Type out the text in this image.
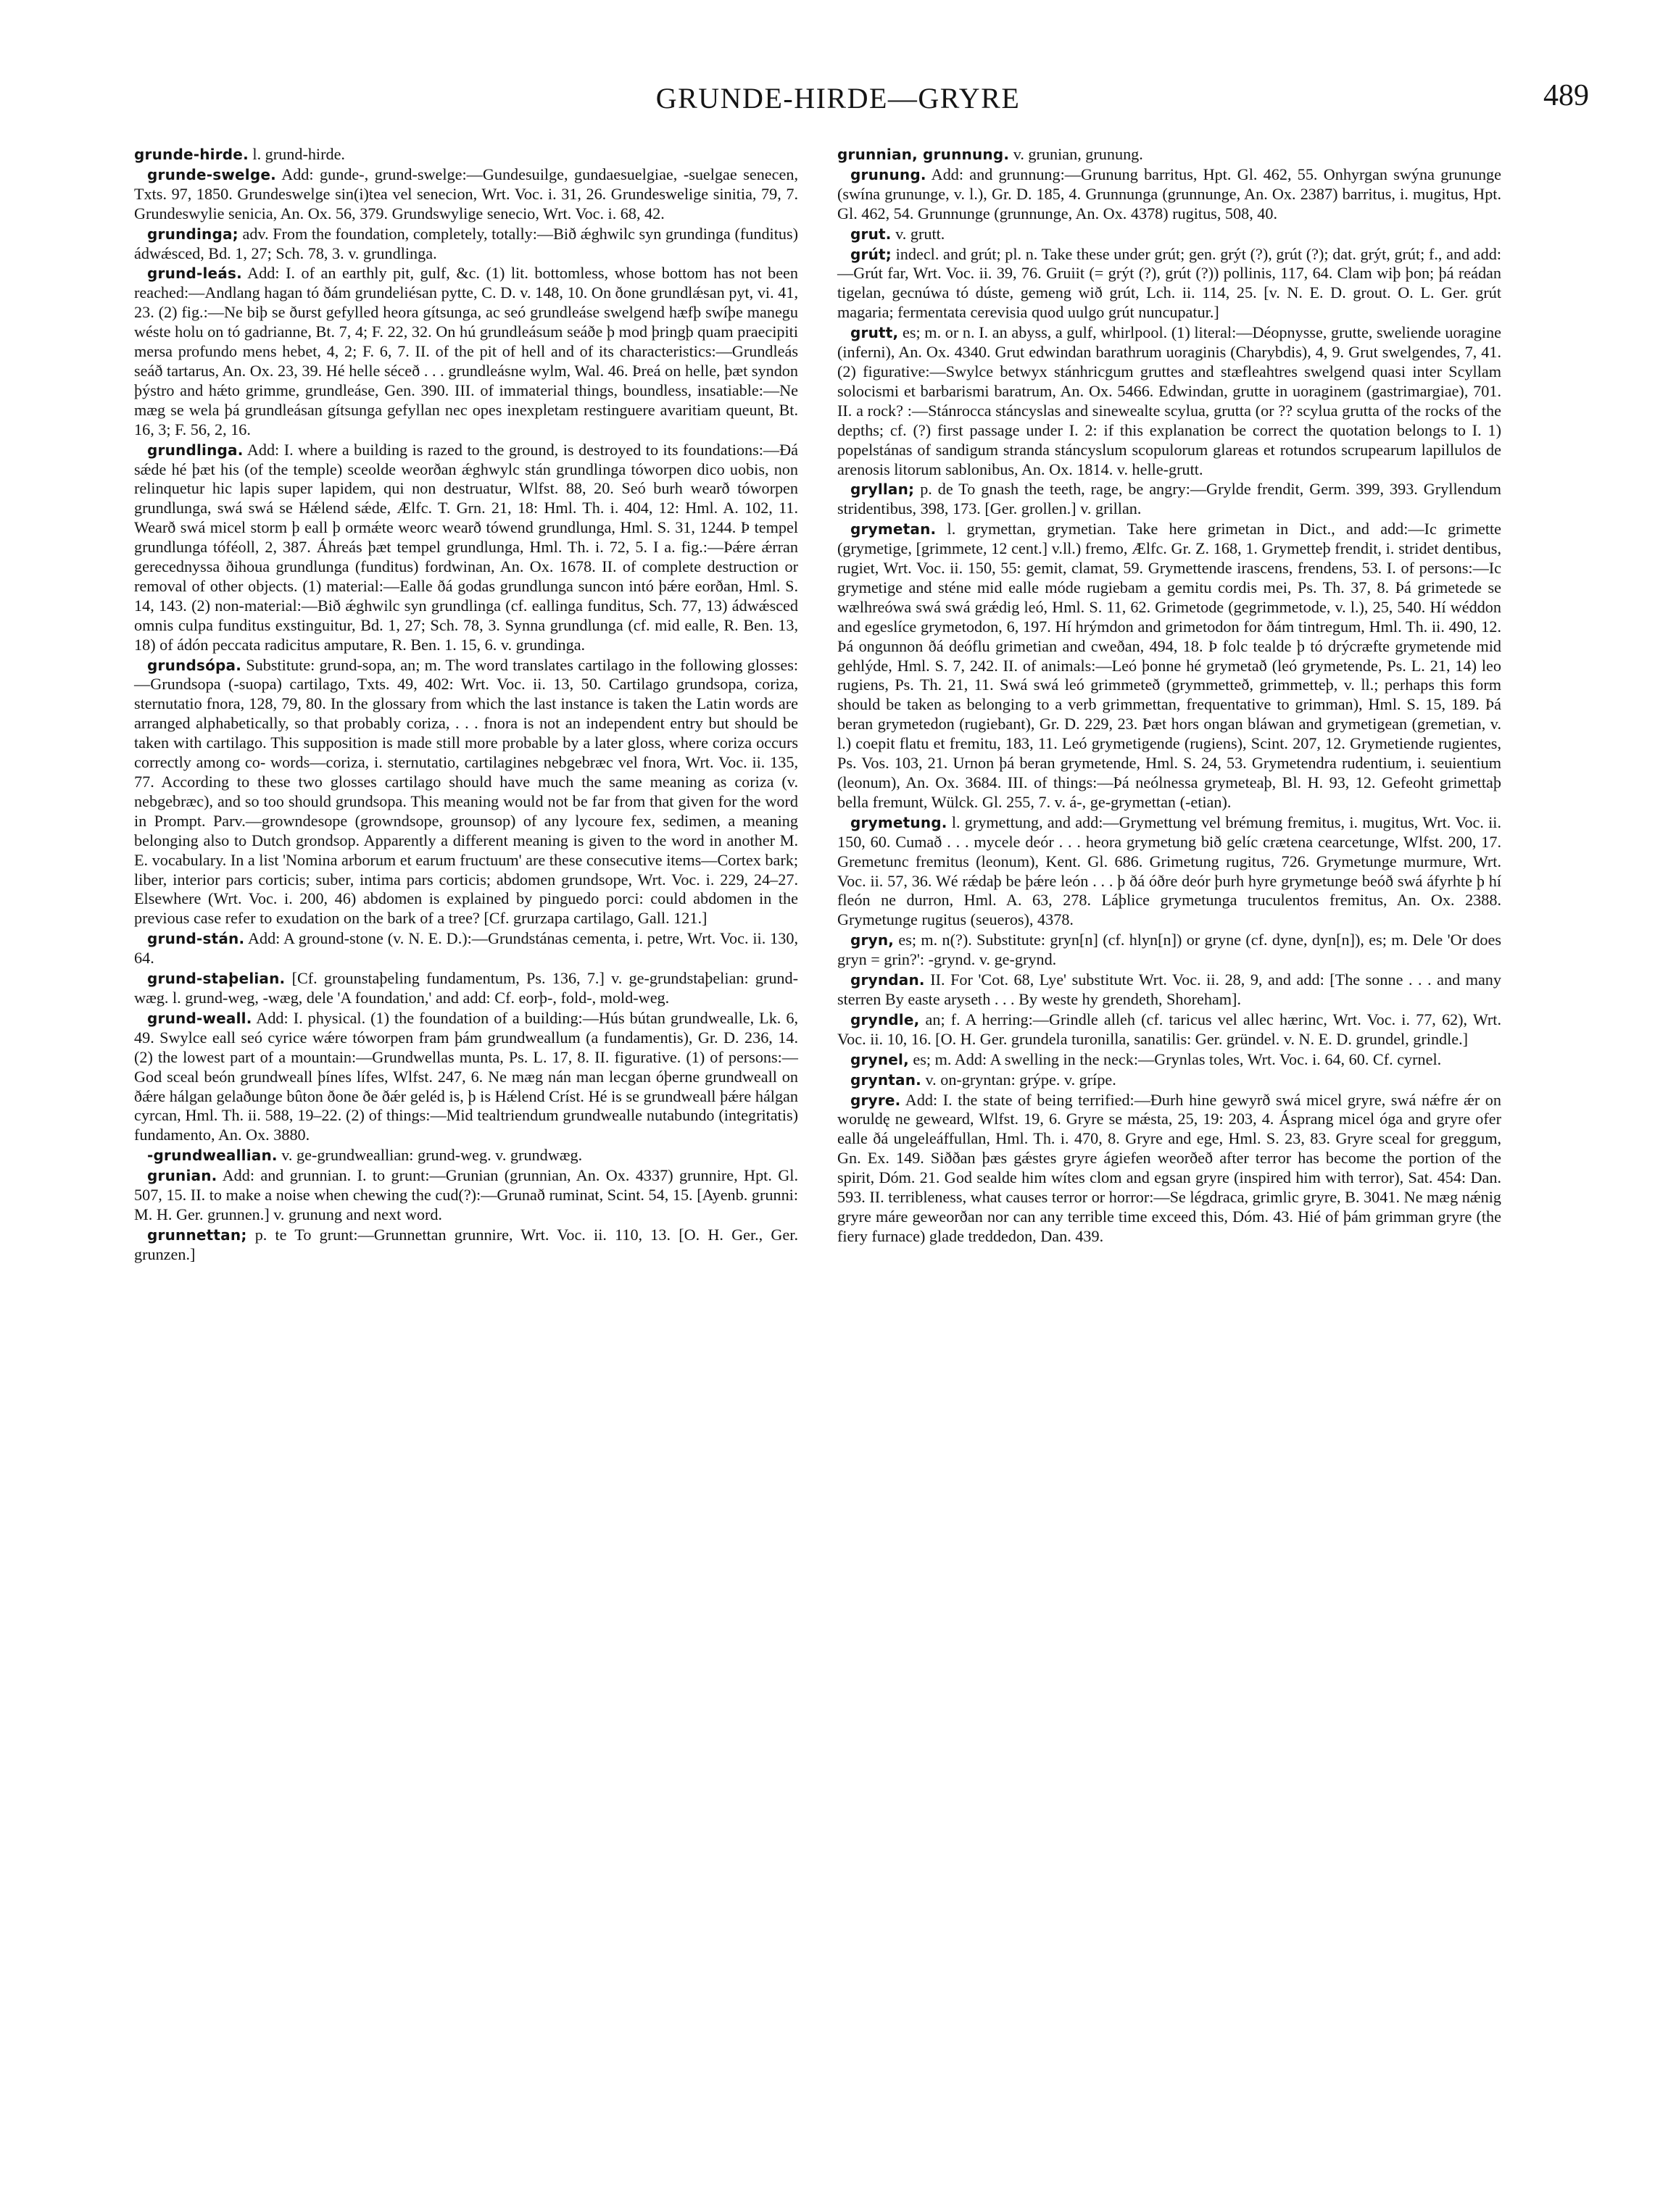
GRUNDE-HIRDE—GRYRE	489

grunde-hirde. l. grund-hirde.

grunde-swelge. Add: gunde-, grund-swelge:—Gundesuilge, gundaesuelgiae, -suelgae senecen, Txts. 97, 1850. Grundeswelge sin(i)tea vel senecion, Wrt. Voc. i. 31, 26. Grundeswelige sinitia, 79, 7. Grundeswylie senicia, An. Ox. 56, 379. Grundswylige senecio, Wrt. Voc. i. 68, 42.

grundinga; adv. From the foundation, completely, totally:—Bið ǽghwilc syn grundinga (funditus) ádwǽsced, Bd. 1, 27; Sch. 78, 3. v. grundlinga.

grund-leás. Add: I. of an earthly pit, gulf, &c. (1) lit. bottomless, whose bottom has not been reached:—Andlang hagan tó ðám grundeliésan pytte, C. D. v. 148, 10. On ðone grundlǽsan pyt, vi. 41, 23. (2) fig.:—Ne biþ se ðurst gefylled heora gítsunga, ac seó grundleáse swelgend hæfþ swíþe manegu wéste holu on tó gadrianne, Bt. 7, 4; F. 22, 32. On hú grundleásum seáðe þ mod þringþ quam praecipiti mersa profundo mens hebet, 4, 2; F. 6, 7. II. of the pit of hell and of its characteristics:—Grundleás seáð tartarus, An. Ox. 23, 39. Hé helle séceð . . . grundleásne wylm, Wal. 46. Þreá on helle, þæt syndon þýstro and hǽto grimme, grundleáse, Gen. 390. III. of immaterial things, boundless, insatiable:—Ne mæg se wela þá grundleásan gítsunga gefyllan nec opes inexpletam restinguere avaritiam queunt, Bt. 16, 3; F. 56, 2, 16.

grundlinga. Add: I. where a building is razed to the ground, is destroyed to its foundations:—Ðá sǽde hé þæt his (of the temple) sceolde weorðan ǽghwylc stán grundlinga tóworpen dico uobis, non relinquetur hic lapis super lapidem, qui non destruatur, Wlfst. 88, 20. Seó burh wearð tóworpen grundlunga, swá swá se Hǽlend sǽde, Ælfc. T. Grn. 21, 18: Hml. Th. i. 404, 12: Hml. A. 102, 11. Wearð swá micel storm þ eall þ ormǽte weorc wearð tówend grundlunga, Hml. S. 31, 1244. Þ tempel grundlunga tóféoll, 2, 387. Áhreás þæt tempel grundlunga, Hml. Th. i. 72, 5. I a. fig.:—Þǽre ǽrran gerecednyssa ðihoua grundlunga (funditus) fordwinan, An. Ox. 1678. II. of complete destruction or removal of other objects. (1) material:—Ealle ðá godas grundlunga suncon intó þǽre eorðan, Hml. S. 14, 143. (2) non-material:—Bið ǽghwilc syn grundlinga (cf. eallinga funditus, Sch. 77, 13) ádwǽsced omnis culpa funditus exstinguitur, Bd. 1, 27; Sch. 78, 3. Synna grundlunga (cf. mid ealle, R. Ben. 13, 18) of ádón peccata radicitus amputare, R. Ben. 1. 15, 6. v. grundinga.

grundsópa. Substitute: grund-sopa, an; m. The word translates cartilago in the following glosses:—Grundsopa (-suopa) cartilago, Txts. 49, 402: Wrt. Voc. ii. 13, 50. Cartilago grundsopa, coriza, sternutatio fnora, 128, 79, 80. In the glossary from which the last instance is taken the Latin words are arranged alphabetically, so that probably coriza, . . . fnora is not an independent entry but should be taken with cartilago. This supposition is made still more probable by a later gloss, where coriza occurs correctly among co- words—coriza, i. sternutatio, cartilagines nebgebræc vel fnora, Wrt. Voc. ii. 135, 77. According to these two glosses cartilago should have much the same meaning as coriza (v. nebgebræc), and so too should grundsopa. This meaning would not be far from that given for the word in Prompt. Parv.—growndesope (growndsope, grounsop) of any lycoure fex, sedimen, a meaning belonging also to Dutch grondsop. Apparently a different meaning is given to the word in another M. E. vocabulary. In a list 'Nomina arborum et earum fructuum' are these consecutive items—Cortex bark; liber, interior pars corticis; suber, intima pars corticis; abdomen grundsope, Wrt. Voc. i. 229, 24–27. Elsewhere (Wrt. Voc. i. 200, 46) abdomen is explained by pinguedo porci: could abdomen in the previous case refer to exudation on the bark of a tree? [Cf. grurzapa cartilago, Gall. 121.]

grund-stán. Add: A ground-stone (v. N. E. D.):—Grundstánas cementa, i. petre, Wrt. Voc. ii. 130, 64.

grund-staþelian. [Cf. grounstaþeling fundamentum, Ps. 136, 7.] v. ge-grundstaþelian: grund-wæg. l. grund-weg, -wæg, dele 'A foundation,' and add: Cf. eorþ-, fold-, mold-weg.

grund-weall. Add: I. physical. (1) the foundation of a building:—Hús bútan grundwealle, Lk. 6, 49. Swylce eall seó cyrice wǽre tóworpen fram þám grundweallum (a fundamentis), Gr. D. 236, 14. (2) the lowest part of a mountain:—Grundwellas munta, Ps. L. 17, 8. II. figurative. (1) of persons:—God sceal beón grundweall þínes lífes, Wlfst. 247, 6. Ne mæg nán man lecgan óþerne grundweall on ðǽre hálgan gelaðunge bûton ðone ðe ðǽr geléd is, þ is Hǽlend Críst. Hé is se grundweall þǽre hálgan cyrcan, Hml. Th. ii. 588, 19–22. (2) of things:—Mid tealtriendum grundwealle nutabundo (integritatis) fundamento, An. Ox. 3880.

-grundweallian. v. ge-grundweallian: grund-weg. v. grundwæg.

grunian. Add: and grunnian. I. to grunt:—Grunian (grunnian, An. Ox. 4337) grunnire, Hpt. Gl. 507, 15. II. to make a noise when chewing the cud(?):—Grunað ruminat, Scint. 54, 15. [Ayenb. grunni: M. H. Ger. grunnen.] v. grunung and next word.

grunnettan; p. te To grunt:—Grunnettan grunnire, Wrt. Voc. ii. 110, 13. [O. H. Ger., Ger. grunzen.]

grunnian, grunnung. v. grunian, grunung.

grunung. Add: and grunnung:—Grunung barritus, Hpt. Gl. 462, 55. Onhyrgan swýna grununge (swína grununge, v. l.), Gr. D. 185, 4. Grunnunga (grunnunge, An. Ox. 2387) barritus, i. mugitus, Hpt. Gl. 462, 54. Grunnunge (grunnunge, An. Ox. 4378) rugitus, 508, 40.

grut. v. grutt.

grút; indecl. and grút; pl. n. Take these under grút; gen. grýt (?), grút (?); dat. grýt, grút; f., and add:—Grút far, Wrt. Voc. ii. 39, 76. Gruiit (= grýt (?), grút (?)) pollinis, 117, 64. Clam wiþ þon; þá reádan tigelan, gecnúwa tó dúste, gemeng wið grút, Lch. ii. 114, 25. [v. N. E. D. grout. O. L. Ger. grút magaria; fermentata cerevisia quod uulgo grút nuncupatur.]

grutt, es; m. or n. I. an abyss, a gulf, whirlpool. (1) literal:—Déopnysse, grutte, sweliende uoragine (inferni), An. Ox. 4340. Grut edwindan barathrum uoraginis (Charybdis), 4, 9. Grut swelgendes, 7, 41. (2) figurative:—Swylce betwyx stánhricgum gruttes and stæfleahtres swelgend quasi inter Scyllam solocismi et barbarismi baratrum, An. Ox. 5466. Edwindan, grutte in uoraginem (gastrimargiae), 701. II. a rock? :—Stánrocca stáncyslas and sinewealte scylua, grutta (or ?? scylua grutta of the rocks of the depths; cf. (?) first passage under I. 2: if this explanation be correct the quotation belongs to I. 1) popelstánas of sandigum stranda stáncyslum scopulorum glareas et rotundos scrupearum lapillulos de arenosis litorum sablonibus, An. Ox. 1814. v. helle-grutt.

gryllan; p. de To gnash the teeth, rage, be angry:—Grylde frendit, Germ. 399, 393. Gryllendum stridentibus, 398, 173. [Ger. grollen.] v. grillan.

grymetan. l. grymettan, grymetian. Take here grimetan in Dict., and add:—Ic grimette (grymetige, [grimmete, 12 cent.] v.ll.) fremo, Ælfc. Gr. Z. 168, 1. Grymetteþ frendit, i. stridet dentibus, rugiet, Wrt. Voc. ii. 150, 55: gemit, clamat, 59. Grymettende irascens, frendens, 53. I. of persons:—Ic grymetige and sténe mid ealle móde rugiebam a gemitu cordis mei, Ps. Th. 37, 8. Þá grimetede se wælhreówa swá swá grǽdig leó, Hml. S. 11, 62. Grimetode (gegrimmetode, v. l.), 25, 540. Hí wéddon and egeslíce grymetodon, 6, 197. Hí hrýmdon and grimetodon for ðám tintregum, Hml. Th. ii. 490, 12. Þá ongunnon ðá deóflu grimetian and cweðan, 494, 18. Þ folc tealde þ tó drýcræfte grymetende mid gehlýde, Hml. S. 7, 242. II. of animals:—Leó þonne hé grymetað (leó grymetende, Ps. L. 21, 14) leo rugiens, Ps. Th. 21, 11. Swá swá leó grimmeteð (grymmetteð, grimmetteþ, v. ll.; perhaps this form should be taken as belonging to a verb grimmettan, frequentative to grimman), Hml. S. 15, 189. Þá beran grymetedon (rugiebant), Gr. D. 229, 23. Þæt hors ongan bláwan and grymetigean (gremetian, v. l.) coepit flatu et fremitu, 183, 11. Leó grymetigende (rugiens), Scint. 207, 12. Grymetiende rugientes, Ps. Vos. 103, 21. Urnon þá beran grymetende, Hml. S. 24, 53. Grymetendra rudentium, i. seuientium (leonum), An. Ox. 3684. III. of things:—Þá neólnessa grymeteaþ, Bl. H. 93, 12. Gefeoht grimettaþ bella fremunt, Wülck. Gl. 255, 7. v. á-, ge-grymettan (-etian).

grymetung. l. grymettung, and add:—Grymettung vel brémung fremitus, i. mugitus, Wrt. Voc. ii. 150, 60. Cumað . . . mycele deór . . . heora grymetung bið gelíc crætena cearcetunge, Wlfst. 200, 17. Gremetunc fremitus (leonum), Kent. Gl. 686. Grimetung rugitus, 726. Grymetunge murmure, Wrt. Voc. ii. 57, 36. Wé rǽdaþ be þǽre león . . . þ ðá óðre deór þurh hyre grymetunge beóð swá áfyrhte þ hí fleón ne durron, Hml. A. 63, 278. Láþlice grymetunga truculentos fremitus, An. Ox. 2388. Grymetunge rugitus (seueros), 4378.

gryn, es; m. n(?). Substitute: gryn[n] (cf. hlyn[n]) or gryne (cf. dyne, dyn[n]), es; m. Dele 'Or does gryn = grin?': -grynd. v. ge-grynd.

gryndan. II. For 'Cot. 68, Lye' substitute Wrt. Voc. ii. 28, 9, and add: [The sonne . . . and many sterren By easte aryseth . . . By weste hy grendeth, Shoreham].

gryndle, an; f. A herring:—Grindle alleh (cf. taricus vel allec hærinc, Wrt. Voc. i. 77, 62), Wrt. Voc. ii. 10, 16. [O. H. Ger. grundela turonilla, sanatilis: Ger. gründel. v. N. E. D. grundel, grindle.]

grynel, es; m. Add: A swelling in the neck:—Grynlas toles, Wrt. Voc. i. 64, 60. Cf. cyrnel.

gryntan. v. on-gryntan: grýpe. v. grípe.

gryre. Add: I. the state of being terrified:—Ðurh hine gewyrð swá micel gryre, swá nǽfre ǽr on woruldę ne geweard, Wlfst. 19, 6. Gryre se mǽsta, 25, 19: 203, 4. Ásprang micel óga and gryre ofer ealle ðá ungeleáffullan, Hml. Th. i. 470, 8. Gryre and ege, Hml. S. 23, 83. Gryre sceal for greggum, Gn. Ex. 149. Siððan þæs gǽstes gryre ágiefen weorðeð after terror has become the portion of the spirit, Dóm. 21. God sealde him wítes clom and egsan gryre (inspired him with terror), Sat. 454: Dan. 593. II. terribleness, what causes terror or horror:—Se légdraca, grimlic gryre, B. 3041. Ne mæg nǽnig gryre máre geweorðan nor can any terrible time exceed this, Dóm. 43. Hié of þám grimman gryre (the fiery furnace) glade treddedon, Dan. 439.
